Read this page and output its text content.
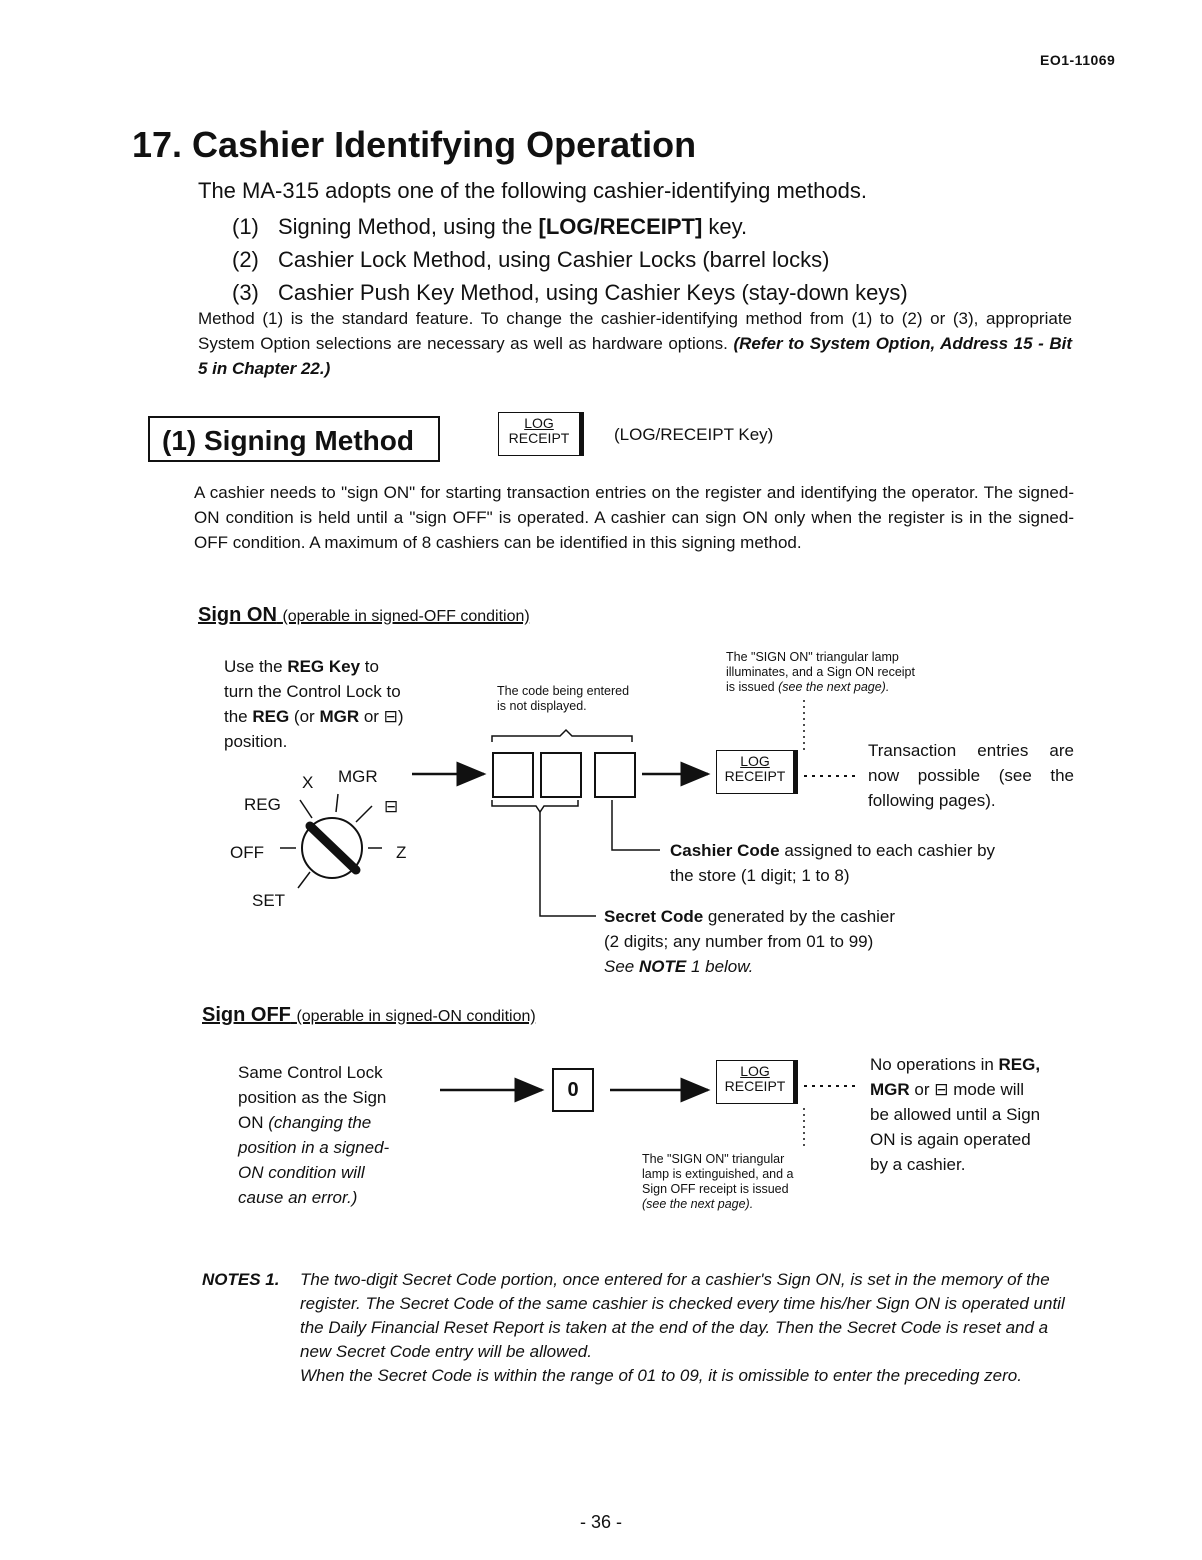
EO1-11069
17. Cashier Identifying Operation
The MA-315 adopts one of the following cashier-identifying methods.
(1) Signing Method, using the [LOG/RECEIPT] key.
(2) Cashier Lock Method, using Cashier Locks (barrel locks)
(3) Cashier Push Key Method, using Cashier Keys (stay-down keys)
Method (1) is the standard feature. To change the cashier-identifying method from (1) to (2) or (3), appropriate System Option selections are necessary as well as hardware options. (Refer to System Option, Address 15 - Bit 5 in Chapter 22.)
(1) Signing Method
LOG
RECEIPT	(LOG/RECEIPT Key)
A cashier needs to "sign ON" for starting transaction entries on the register and identifying the operator. The signed-ON condition is held until a "sign OFF" is operated. A cashier can sign ON only when the register is in the signed-OFF condition. A maximum of 8 cashiers can be identified in this signing method.
Sign ON (operable in signed-OFF condition)
Use the REG Key to
turn the Control Lock to
the REG (or MGR or ⊟)
position.
X MGR
REG	⊟
OFF	Z
SET
The code being entered
is not displayed.
The "SIGN ON" triangular lamp
illuminates, and a Sign ON receipt
is issued (see the next page).
LOG
RECEIPT
Transaction entries are
now possible (see the
following pages).
Cashier Code assigned to each cashier by
the store (1 digit; 1 to 8)
Secret Code generated by the cashier
(2 digits; any number from 01 to 99)
See NOTE 1 below.
Sign OFF (operable in signed-ON condition)
Same Control Lock
position as the Sign
ON (changing the
position in a signed-
ON condition will
cause an error.)
0
LOG
RECEIPT
The "SIGN ON" triangular
lamp is extinguished, and a
Sign OFF receipt is issued
(see the next page).
No operations in REG,
MGR or ⊟ mode will
be allowed until a Sign
ON is again operated
by a cashier.
NOTES 1. The two-digit Secret Code portion, once entered for a cashier's Sign ON, is set in the memory of the register. The Secret Code of the same cashier is checked every time his/her Sign ON is operated until the Daily Financial Reset Report is taken at the end of the day. Then the Secret Code is reset and a new Secret Code entry will be allowed.
When the Secret Code is within the range of 01 to 09, it is omissible to enter the preceding zero.
- 36 -
